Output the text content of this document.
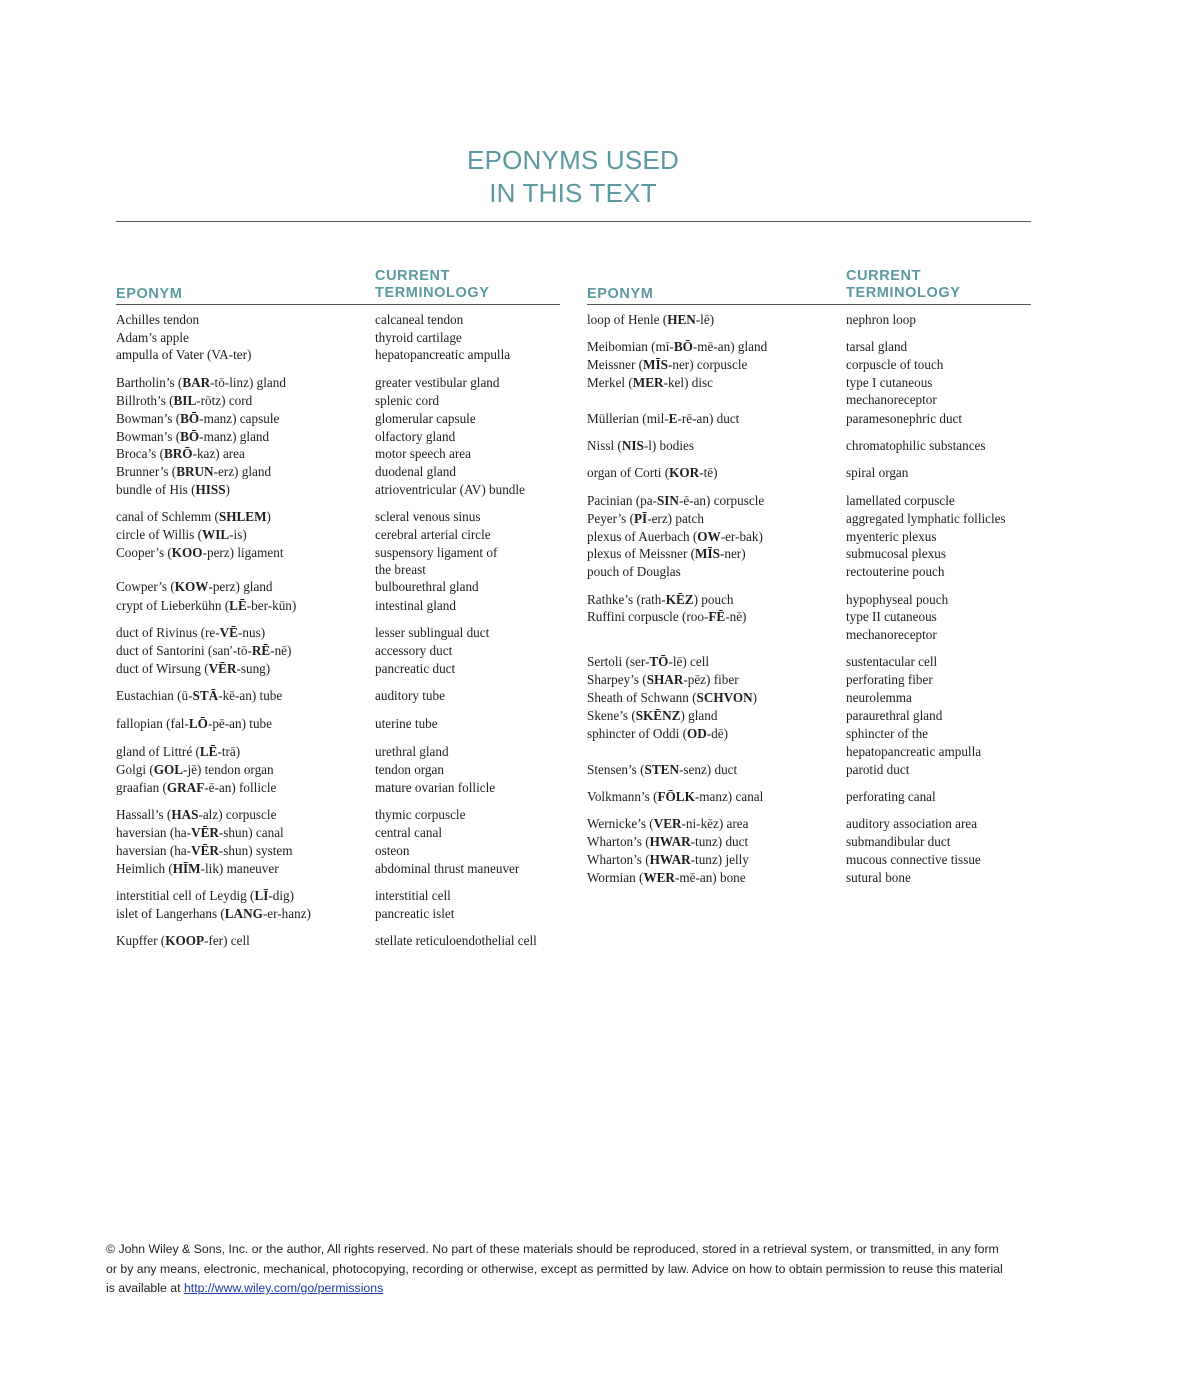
EPONYMS USED
IN THIS TEXT
EPONYM
CURRENT
TERMINOLOGY	EPONYM
CURRENT
TERMINOLOGY
Achilles tendon
Adam’s apple
ampulla of Vater (VA-ter)
Bartholin’s (BAR-tō-linz) gland
Billroth’s (BIL-rōtz) cord
Bowman’s (BŌ-manz) capsule
Bowman’s (BŌ-manz) gland
Broca’s (BRŌ-kaz) area
Brunner’s (BRUN-erz) gland
bundle of His (HISS)
canal of Schlemm (SHLEM)
circle of Willis (WIL-is)
Cooper’s (KOO-perz) ligament
Cowper’s (KOW-perz) gland
crypt of Lieberkühn (LĒ-ber-kūn)
duct of Rivinus (re-VĒ-nus)
duct of Santorini (san′-tō-RĒ-nē)
duct of Wirsung (VĒR-sung)
Eustachian (ū-STĀ-kē-an) tube
fallopian (fal-LŌ-pē-an) tube
gland of Littré (LĒ-trā)
Golgi (GOL-jē) tendon organ
graafian (GRAF-ē-an) follicle
Hassall’s (HAS-alz) corpuscle
haversian (ha-VĒR-shun) canal
haversian (ha-VĒR-shun) system
Heimlich (HĪM-lik) maneuver
interstitial cell of Leydig (LĪ-dig)
islet of Langerhans (LANG-er-hanz)
Kupffer (KOOP-fer) cell
calcaneal tendon
thyroid cartilage
hepatopancreatic ampulla
greater vestibular gland
splenic cord
glomerular capsule
olfactory gland
motor speech area
duodenal gland
atrioventricular (AV) bundle
scleral venous sinus
cerebral arterial circle
suspensory ligament of
the breast
bulbourethral gland
intestinal gland
lesser sublingual duct
accessory duct
pancreatic duct
auditory tube
uterine tube
urethral gland
tendon organ
mature ovarian follicle
thymic corpuscle
central canal
osteon
abdominal thrust maneuver
interstitial cell
pancreatic islet
stellate reticuloendothelial cell
loop of Henle (HEN-lē)
Meibomian (mī-BŌ-mē-an) gland
Meissner (MĪS-ner) corpuscle
Merkel (MER-kel) disc
Müllerian (mil-E-rē-an) duct
Nissl (NIS-l) bodies
organ of Corti (KOR-tē)
Pacinian (pa-SIN-ē-an) corpuscle
Peyer’s (PĪ-erz) patch
plexus of Auerbach (OW-er-bak)
plexus of Meissner (MĪS-ner)
pouch of Douglas
Rathke’s (rath-KĒZ) pouch
Ruffini corpuscle (roo-FĒ-nē)
Sertoli (ser-TŌ-lē) cell
Sharpey’s (SHAR-pēz) fiber
Sheath of Schwann (SCHVON)
Skene’s (SKĒNZ) gland
sphincter of Oddi (OD-dē)
Stensen’s (STEN-senz) duct
Volkmann’s (FŌLK-manz) canal
Wernicke’s (VER-ni-kēz) area
Wharton’s (HWAR-tunz) duct
Wharton’s (HWAR-tunz) jelly
Wormian (WER-mē-an) bone
nephron loop
tarsal gland
corpuscle of touch
type I cutaneous
mechanoreceptor
paramesonephric duct
chromatophilic substances
spiral organ
lamellated corpuscle
aggregated lymphatic follicles
myenteric plexus
submucosal plexus
rectouterine pouch
hypophyseal pouch
type II cutaneous
mechanoreceptor
sustentacular cell
perforating fiber
neurolemma
paraurethral gland
sphincter of the
hepatopancreatic ampulla
parotid duct
perforating canal
auditory association area
submandibular duct
mucous connective tissue
sutural bone
© John Wiley & Sons, Inc. or the author, All rights reserved. No part of these materials should be reproduced, stored in a retrieval system, or transmitted, in any form or by any means, electronic, mechanical, photocopying, recording or otherwise, except as permitted by law. Advice on how to obtain permission to reuse this material is available at http://www.wiley.com/go/permissions
